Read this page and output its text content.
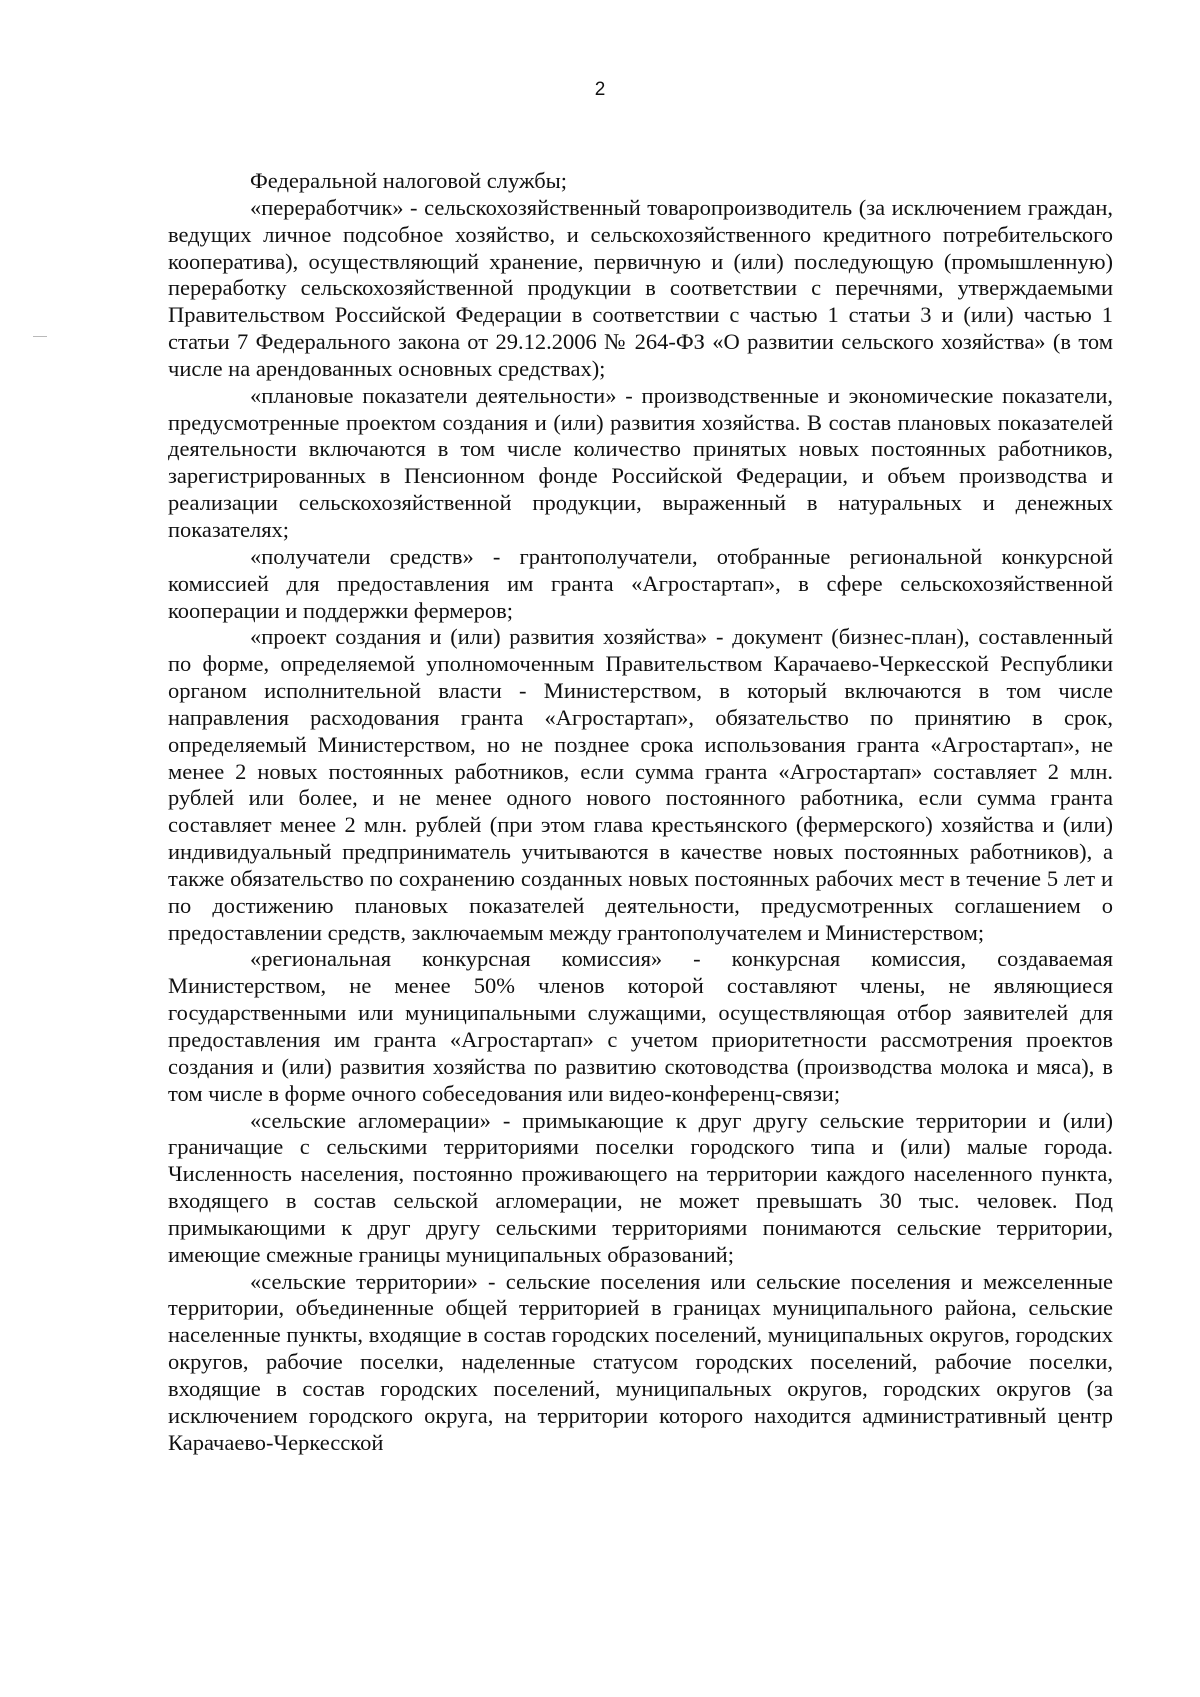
2

Федеральной налоговой службы;

«переработчик» - сельскохозяйственный товаропроизводитель (за исключением граждан, ведущих личное подсобное хозяйство, и сельскохозяйственного кредитного потребительского кооператива), осуществляющий хранение, первичную и (или) последующую (промышленную) переработку сельскохозяйственной продукции в соответствии с перечнями, утверждаемыми Правительством Российской Федерации в соответствии с частью 1 статьи 3 и (или) частью 1 статьи 7 Федерального закона от 29.12.2006 № 264-ФЗ «О развитии сельского хозяйства» (в том числе на арендованных основных средствах);

«плановые показатели деятельности» - производственные и экономические показатели, предусмотренные проектом создания и (или) развития хозяйства. В состав плановых показателей деятельности включаются в том числе количество принятых новых постоянных работников, зарегистрированных в Пенсионном фонде Российской Федерации, и объем производства и реализации сельскохозяйственной продукции, выраженный в натуральных и денежных показателях;

«получатели средств» - грантополучатели, отобранные региональной конкурсной комиссией для предоставления им гранта «Агростартап», в сфере сельскохозяйственной кооперации и поддержки фермеров;

«проект создания и (или) развития хозяйства» - документ (бизнес-план), составленный по форме, определяемой уполномоченным Правительством Карачаево-Черкесской Республики органом исполнительной власти - Министерством, в который включаются в том числе направления расходования гранта «Агростартап», обязательство по принятию в срок, определяемый Министерством, но не позднее срока использования гранта «Агростартап», не менее 2 новых постоянных работников, если сумма гранта «Агростартап» составляет 2 млн. рублей или более, и не менее одного нового постоянного работника, если сумма гранта составляет менее 2 млн. рублей (при этом глава крестьянского (фермерского) хозяйства и (или) индивидуальный предприниматель учитываются в качестве новых постоянных работников), а также обязательство по сохранению созданных новых постоянных рабочих мест в течение 5 лет и по достижению плановых показателей деятельности, предусмотренных соглашением о предоставлении средств, заключаемым между грантополучателем и Министерством;

«региональная конкурсная комиссия» - конкурсная комиссия, создаваемая Министерством, не менее 50% членов которой составляют члены, не являющиеся государственными или муниципальными служащими, осуществляющая отбор заявителей для предоставления им гранта «Агростартап» с учетом приоритетности рассмотрения проектов создания и (или) развития хозяйства по развитию скотоводства (производства молока и мяса), в том числе в форме очного собеседования или видео-конференц-связи;

«сельские агломерации» - примыкающие к друг другу сельские территории и (или) граничащие с сельскими территориями поселки городского типа и (или) малые города. Численность населения, постоянно проживающего на территории каждого населенного пункта, входящего в состав сельской агломерации, не может превышать 30 тыс. человек. Под примыкающими к друг другу сельскими территориями понимаются сельские территории, имеющие смежные границы муниципальных образований;

«сельские территории» - сельские поселения или сельские поселения и межселенные территории, объединенные общей территорией в границах муниципального района, сельские населенные пункты, входящие в состав городских поселений, муниципальных округов, городских округов, рабочие поселки, наделенные статусом городских поселений, рабочие поселки, входящие в состав городских поселений, муниципальных округов, городских округов (за исключением городского округа, на территории которого находится административный центр Карачаево-Черкесской
